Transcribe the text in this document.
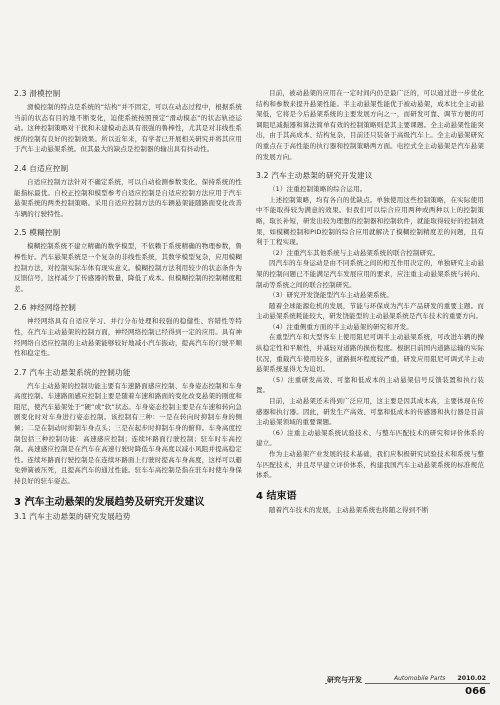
2.3 滑模控制

滑模控制的特点是系统的“结构”并不固定，可以在动态过程中，根据系统当前的状态有目的地不断变化，迫使系统按照预定“滑动模态”的状态轨迹运动。这种控制策略对干扰和未建模动态具有很强的鲁棒性，尤其是对非线性系统的控制有良好的控制效果。所以近年来，有学者已开展相关研究并将其应用于汽车主动悬架系统。但其最大的缺点是控制器的输出具有抖动性。

2.4 自适应控制

自适应控制方法针对不确定系统，可以自动检测参数变化，保持系统的性能指标最优。自校正控制和模型参考自适应控制是自适应控制方法应用于汽车悬架系统的两类控制策略。采用自适应控制方法的车辆悬架能随路面变化改善车辆的行驶特性。

2.5 模糊控制

模糊控制系统不建立精确的数学模型，不依赖于系统精确的物理参数，鲁棒性好。汽车悬架系统是一个复杂的非线性系统，其数学模型复杂，应用模糊控制方法，对控制实际车体有现实意义。模糊控制方法利用较少的状态条件为反馈信号，这样减少了传感器的数量，降低了成本。但模糊控制的控制精度粗差。

2.6 神经网络控制

神经网络具有自适应学习、并行分布处理和较强的稳健性、容错性等特性，在汽车主动悬架的控制方面，神经网络控制已经得到一定的应用。具有神经网络自适应控制的主动悬架能够较好地减小汽车振动，提高汽车的行驶平顺性和稳定性。

2.7 汽车主动悬架系统的控制功能

汽车主动悬架的控制功能主要有车速路面感应控制、车身姿态控制和车身高度控制。车速路面感应控制主要是随着车速和路面的变化改变悬架的刚度和阻尼，使汽车悬架处于“硬”或“软”状态。车身姿态控制主要是在车速和转向急剧变化时对车身进行姿态控制。该控制有三种：一是在转向时抑制车身的侧倾；二是在制动时抑制车身点头；三是在起步时抑制车身的俯仰。车身高度控制包括三种控制功能：高速感应控制；连续坏路面行驶控制；驻车时车高控制。高速感应控制是在汽车在高速行驶时降低车身高度以减小风阻并提高稳定性。连续坏路面行驶控制是在连续坏路面上行驶时提高车身高度，这样可以避免弹簧被压死，且提高汽车的通过性能。驻车车高控制是指在驻车时使车身保持良好的驻车姿态。

3 汽车主动悬架的发展趋势及研究开发建议
3.1 汽车主动悬架的研究发展趋势

目前，被动悬架的应用在一定时间内仍是最广泛的，可以通过进一步优化结构和参数来提升悬架性能。半主动悬架性能优于被动悬架，成本比全主动悬架低，它将是今后悬架系统的主要发展方向之一，而研发可靠、调节方便的可调阻尼减振器和算法简单有效的控制策略则是其主要课题。全主动悬架性能突出，由于其高成本、结构复杂，目前还只装备于高级汽车上。全主动悬架研究的重点在于高性能的执行器和控制策略两方面。电控式全主动悬架是汽车悬架的发展方向。

3.2 汽车主动悬架的研究开发建议

（1）注重控制策略的综合运用。

上述控制策略，均有各自的优缺点。单独使用这些控制策略，在实际使用中不能取得较为满意的效果。但我们可以综合应用两种或两种以上的控制策略，取长补短，研发出较为理想的控制器和控制软件，就能取得较好的控制效果，如模糊控制和PID控制的综合应用就解决了模糊控制精度差的问题，且有利于工程实现。

（2）注重汽车其他系统与主动悬架系统的联合控制研究。

因汽车的车身运动是由不同系统之间的相互作用决定的，单独研究主动悬架的控制问题已不能满足汽车发展应用的要求，应注重主动悬架系统与转向、制动等系统之间的联合控制研究。

（3）研究开发饶能型汽车主动悬架系统。

随着全球能源危机的发展，节能与环保成为汽车产品研发的重要主题。而主动悬架系统耗能较大，研发饶能型的主动悬架系统是汽车技术的重要方向。

（4）注重侧重方面的半主动悬架的研究和开发。

在重型汽车和大型客车上使用阻尼可调半主动悬架系统，可改进车辆的操纵稳定性和平顺性，并减轻对道路的损伤程度。根据目前国内道路运输的实际状况，重载汽车使用较多，道路损坏程度较严重，研发应用阻尼可调式半主动悬架系统显得尤为迫切。

（5）注重研发高效、可靠和低成本的主动悬架信号反馈装置和执行装置。

目前，主动悬架还未得到广泛应用，这主要是因其成本高，主要体现在传感器和执行器。因此，研发生产高效、可靠和低成本的传感器和执行器是目前主动悬架领域的重要课题。

（6）注重主动悬架系统试验技术、与整车匹配技术的研究和评价体系的建立。

作为主动悬架产业发展的技术基础，我们应积极研究试验技术和系统与整车匹配技术，并且尽早建立评价体系，构建我国汽车主动悬架系统的标准规范体系。

4 结束语

随着汽车技术的发展，主动悬架系统也将随之得到不断

研究与开发	Automobile Parts	2010.02
066
